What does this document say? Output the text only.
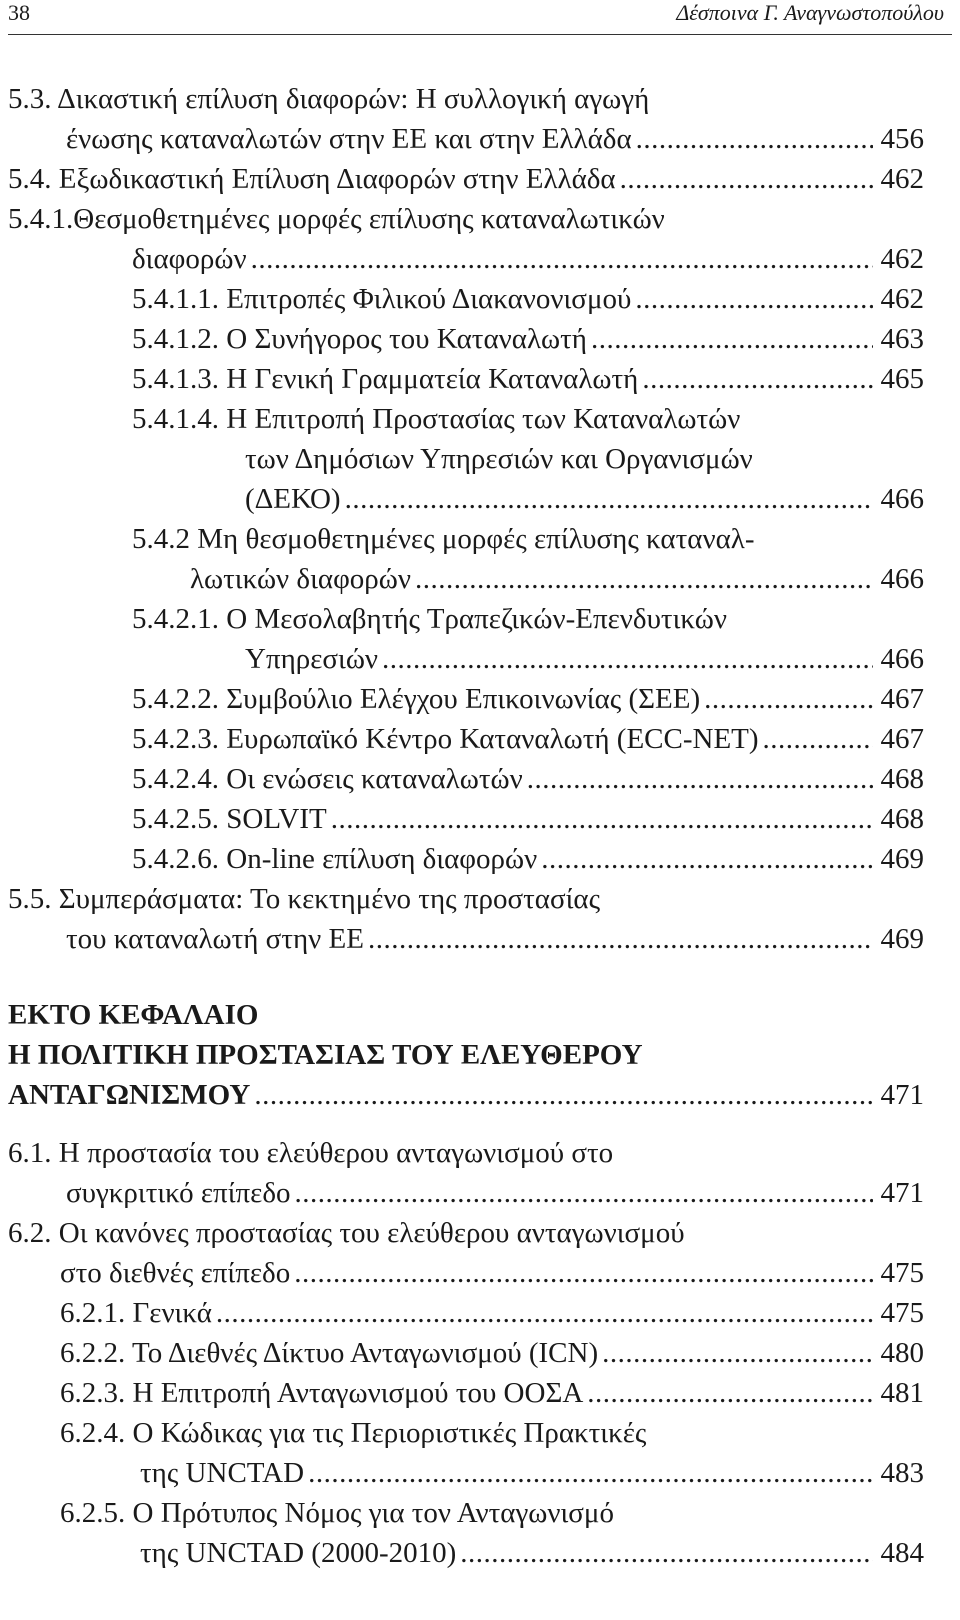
38	Δέσποινα Γ. Αναγνωστοπούλου
5.3. Δικαστική επίλυση διαφορών: Η συλλογική αγωγή
ένωσης καταναλωτών στην ΕΕ και στην Ελλάδα .....	456
5.4. Εξωδικαστική Επίλυση Διαφορών στην Ελλάδα .....	462
5.4.1.Θεσμοθετημένες μορφές επίλυσης καταναλωτικών
διαφορών .....	462
5.4.1.1. Επιτροπές Φιλικού Διακανονισμού .....	462
5.4.1.2. Ο Συνήγορος του Καταναλωτή .....	463
5.4.1.3. Η Γενική Γραμματεία Καταναλωτή .....	465
5.4.1.4. Η Επιτροπή Προστασίας των Καταναλωτών
των Δημόσιων Υπηρεσιών και Οργανισμών
(ΔΕΚΟ) .....	466
5.4.2 Μη θεσμοθετημένες μορφές επίλυσης καταναλ-
λωτικών διαφορών .....	466
5.4.2.1. Ο Μεσολαβητής Τραπεζικών-Επενδυτικών
Υπηρεσιών .....	466
5.4.2.2. Συμβούλιο Ελέγχου Επικοινωνίας (ΣΕΕ) .....	467
5.4.2.3. Ευρωπαϊκό Κέντρο Καταναλωτή (ECC-NET) .....	467
5.4.2.4. Οι ενώσεις καταναλωτών .....	468
5.4.2.5. SOLVIT .....	468
5.4.2.6. On-line επίλυση διαφορών .....	469
5.5. Συμπεράσματα: Το κεκτημένο της προστασίας
του καταναλωτή στην ΕΕ .....	469
ΕΚΤΟ ΚΕΦΑΛΑΙΟ
Η ΠΟΛΙΤΙΚΗ ΠΡΟΣΤΑΣΙΑΣ ΤΟΥ ΕΛΕΥΘΕΡΟΥ
ΑΝΤΑΓΩΝΙΣΜΟΥ .....	471
6.1. Η προστασία του ελεύθερου ανταγωνισμού στο
συγκριτικό επίπεδο .....	471
6.2. Οι κανόνες προστασίας του ελεύθερου ανταγωνισμού
στο διεθνές επίπεδο .....	475
6.2.1. Γενικά .....	475
6.2.2. Το Διεθνές Δίκτυο Ανταγωνισμού (ICN) .....	480
6.2.3. Η Επιτροπή Ανταγωνισμού του ΟΟΣΑ .....	481
6.2.4. Ο Κώδικας για τις Περιοριστικές Πρακτικές
της UNCTAD .....	483
6.2.5. Ο Πρότυπος Νόμος για τον Ανταγωνισμό
της UNCTAD (2000-2010) .....	484
